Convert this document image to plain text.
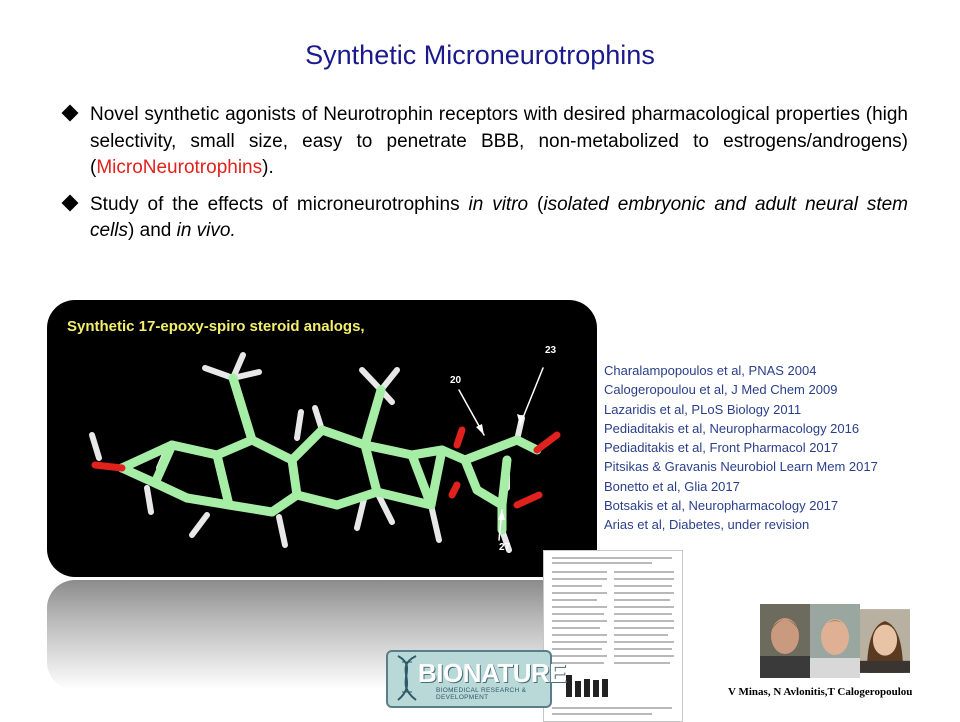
Synthetic Microneurotrophins
Novel synthetic agonists of Neurotrophin receptors with desired pharmacological properties (high selectivity, small size, easy to penetrate BBB, non-metabolized to estrogens/androgens) (MicroNeurotrophins).
Study of the effects of microneurotrophins in vitro (isolated embryonic and adult neural stem cells) and in vivo.
Synthetic 17-epoxy-spiro steroid analogs,
23
20
27
Charalampopoulos et al, PNAS 2004
Calogeropoulou et al, J Med Chem 2009
Lazaridis et al, PLoS Biology 2011
Pediaditakis et al, Neuropharmacology 2016
Pediaditakis et al, Front Pharmacol 2017
Pitsikas & Gravanis Neurobiol Learn Mem 2017
Bonetto et al, Glia 2017
Botsakis et al, Neuropharmacology 2017
Arias et al, Diabetes, under revision
BIONATURE
BIOMEDICAL RESEARCH & DEVELOPMENT	V Minas, N Avlonitis,T Calogeropoulou
